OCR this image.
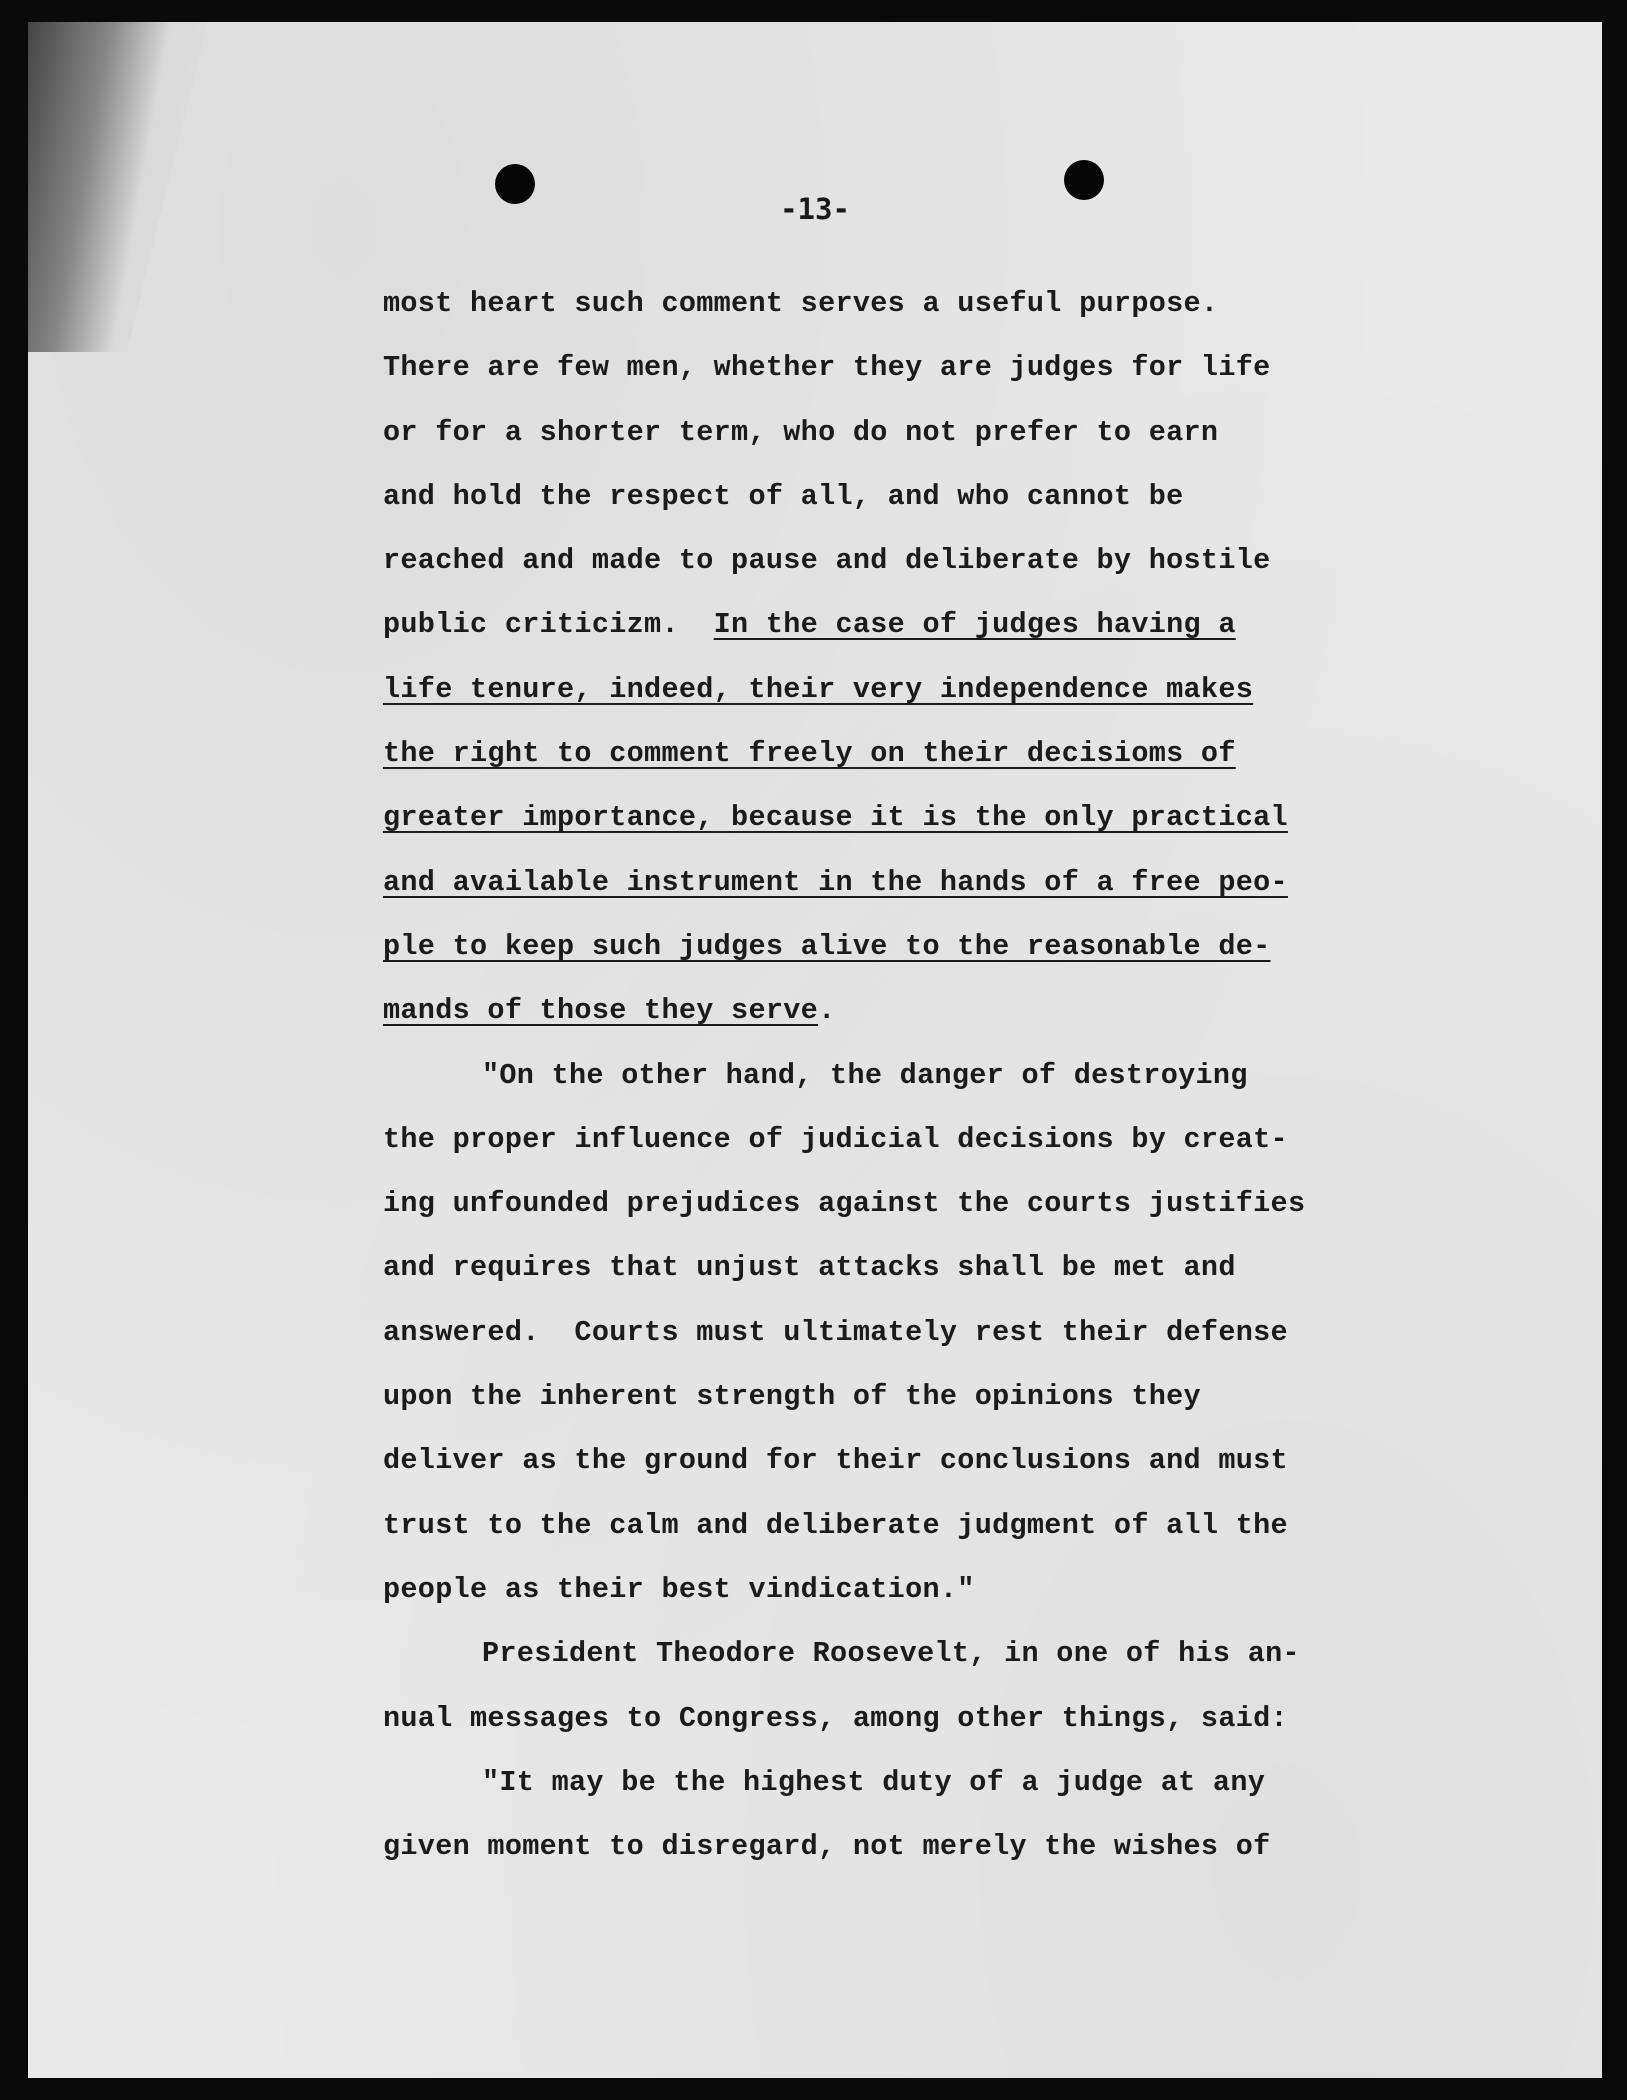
-13-
most heart such comment serves a useful purpose.
There are few men, whether they are judges for life
or for a shorter term, who do not prefer to earn
and hold the respect of all, and who cannot be
reached and made to pause and deliberate by hostile
public criticizm.  In the case of judges having a
life tenure, indeed, their very independence makes
the right to comment freely on their decisioms of
greater importance, because it is the only practical
and available instrument in the hands of a free peo-
ple to keep such judges alive to the reasonable de-
mands of those they serve.
"On the other hand, the danger of destroying
the proper influence of judicial decisions by creat-
ing unfounded prejudices against the courts justifies
and requires that unjust attacks shall be met and
answered.  Courts must ultimately rest their defense
upon the inherent strength of the opinions they
deliver as the ground for their conclusions and must
trust to the calm and deliberate judgment of all the
people as their best vindication."
President Theodore Roosevelt, in one of his an-
nual messages to Congress, among other things, said:
"It may be the highest duty of a judge at any
given moment to disregard, not merely the wishes of
